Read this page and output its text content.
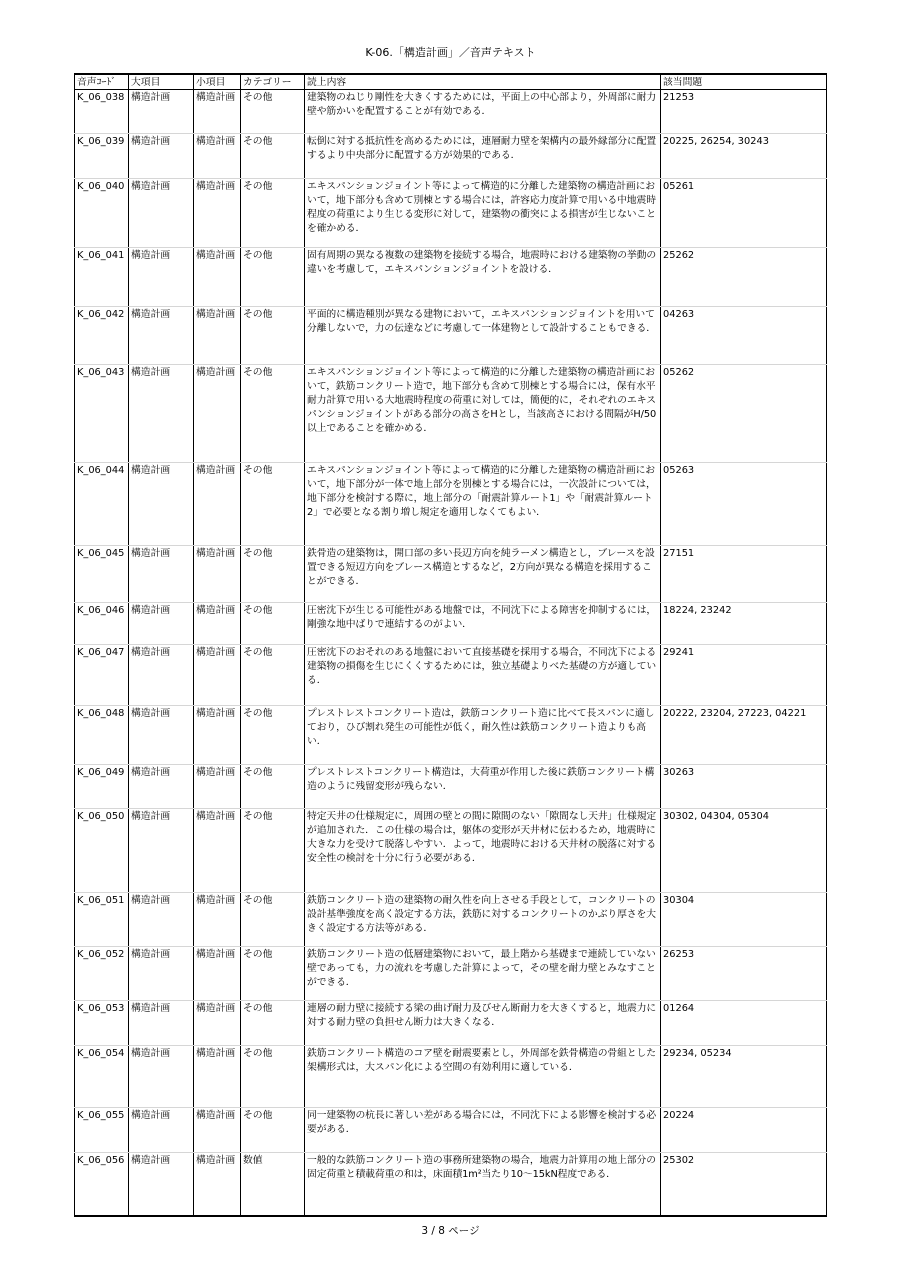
K-06.「構造計画」／音声テキスト
音声ｺｰﾄﾞ	大項目	小項目	カテゴリー	読上内容	該当問題
K_06_038	構造計画	構造計画	その他	建築物のねじり剛性を大きくするためには，平面上の中心部より，外周部に耐力壁や筋かいを配置することが有効である．	21253
K_06_039	構造計画	構造計画	その他	転倒に対する抵抗性を高めるためには，連層耐力壁を架構内の最外縁部分に配置するより中央部分に配置する方が効果的である．	20225, 26254, 30243
K_06_040	構造計画	構造計画	その他	エキスパンションジョイント等によって構造的に分離した建築物の構造計画において，地下部分も含めて別棟とする場合には，許容応力度計算で用いる中地震時程度の荷重により生じる変形に対して，建築物の衝突による損害が生じないことを確かめる．	05261
K_06_041	構造計画	構造計画	その他	固有周期の異なる複数の建築物を接続する場合，地震時における建築物の挙動の違いを考慮して，エキスパンションジョイントを設ける．	25262
K_06_042	構造計画	構造計画	その他	平面的に構造種別が異なる建物において，エキスパンションジョイントを用いて分離しないで，力の伝達などに考慮して一体建物として設計することもできる．	04263
K_06_043	構造計画	構造計画	その他	エキスパンションジョイント等によって構造的に分離した建築物の構造計画において，鉄筋コンクリート造で，地下部分も含めて別棟とする場合には，保有水平耐力計算で用いる大地震時程度の荷重に対しては，簡便的に，それぞれのエキスパンションジョイントがある部分の高さをHとし，当該高さにおける間隔がH/50以上であることを確かめる．	05262
K_06_044	構造計画	構造計画	その他	エキスパンションジョイント等によって構造的に分離した建築物の構造計画において，地下部分が一体で地上部分を別棟とする場合には，一次設計については，地下部分を検討する際に，地上部分の「耐震計算ルート1」や「耐震計算ルート2」で必要となる割り増し規定を適用しなくてもよい．	05263
K_06_045	構造計画	構造計画	その他	鉄骨造の建築物は，開口部の多い長辺方向を純ラーメン構造とし，ブレースを設置できる短辺方向をブレース構造とするなど，2方向が異なる構造を採用することができる．	27151
K_06_046	構造計画	構造計画	その他	圧密沈下が生じる可能性がある地盤では，不同沈下による障害を抑制するには，剛強な地中ばりで連結するのがよい．	18224, 23242
K_06_047	構造計画	構造計画	その他	圧密沈下のおそれのある地盤において直接基礎を採用する場合，不同沈下による建築物の損傷を生じにくくするためには，独立基礎よりべた基礎の方が適している．	29241
K_06_048	構造計画	構造計画	その他	プレストレストコンクリート造は，鉄筋コンクリート造に比べて長スパンに適しており，ひび割れ発生の可能性が低く，耐久性は鉄筋コンクリート造よりも高い．	20222, 23204, 27223, 04221
K_06_049	構造計画	構造計画	その他	プレストレストコンクリート構造は，大荷重が作用した後に鉄筋コンクリート構造のように残留変形が残らない．	30263
K_06_050	構造計画	構造計画	その他	特定天井の仕様規定に，周囲の壁との間に隙間のない「隙間なし天井」仕様規定が追加された．この仕様の場合は，躯体の変形が天井材に伝わるため，地震時に大きな力を受けて脱落しやすい．よって，地震時における天井材の脱落に対する安全性の検討を十分に行う必要がある．	30302, 04304, 05304
K_06_051	構造計画	構造計画	その他	鉄筋コンクリート造の建築物の耐久性を向上させる手段として，コンクリートの設計基準強度を高く設定する方法，鉄筋に対するコンクリートのかぶり厚さを大きく設定する方法等がある．	30304
K_06_052	構造計画	構造計画	その他	鉄筋コンクリート造の低層建築物において，最上階から基礎まで連続していない壁であっても，力の流れを考慮した計算によって，その壁を耐力壁とみなすことができる．	26253
K_06_053	構造計画	構造計画	その他	連層の耐力壁に接続する梁の曲げ耐力及びせん断耐力を大きくすると，地震力に対する耐力壁の負担せん断力は大きくなる．	01264
K_06_054	構造計画	構造計画	その他	鉄筋コンクリート構造のコア壁を耐震要素とし，外周部を鉄骨構造の骨組とした架構形式は，大スパン化による空間の有効利用に適している．	29234, 05234
K_06_055	構造計画	構造計画	その他	同一建築物の杭長に著しい差がある場合には，不同沈下による影響を検討する必要がある．	20224
K_06_056	構造計画	構造計画	数値	一般的な鉄筋コンクリート造の事務所建築物の場合，地震力計算用の地上部分の固定荷重と積載荷重の和は，床面積1m²当たり10～15kN程度である．	25302
3 / 8 ページ
